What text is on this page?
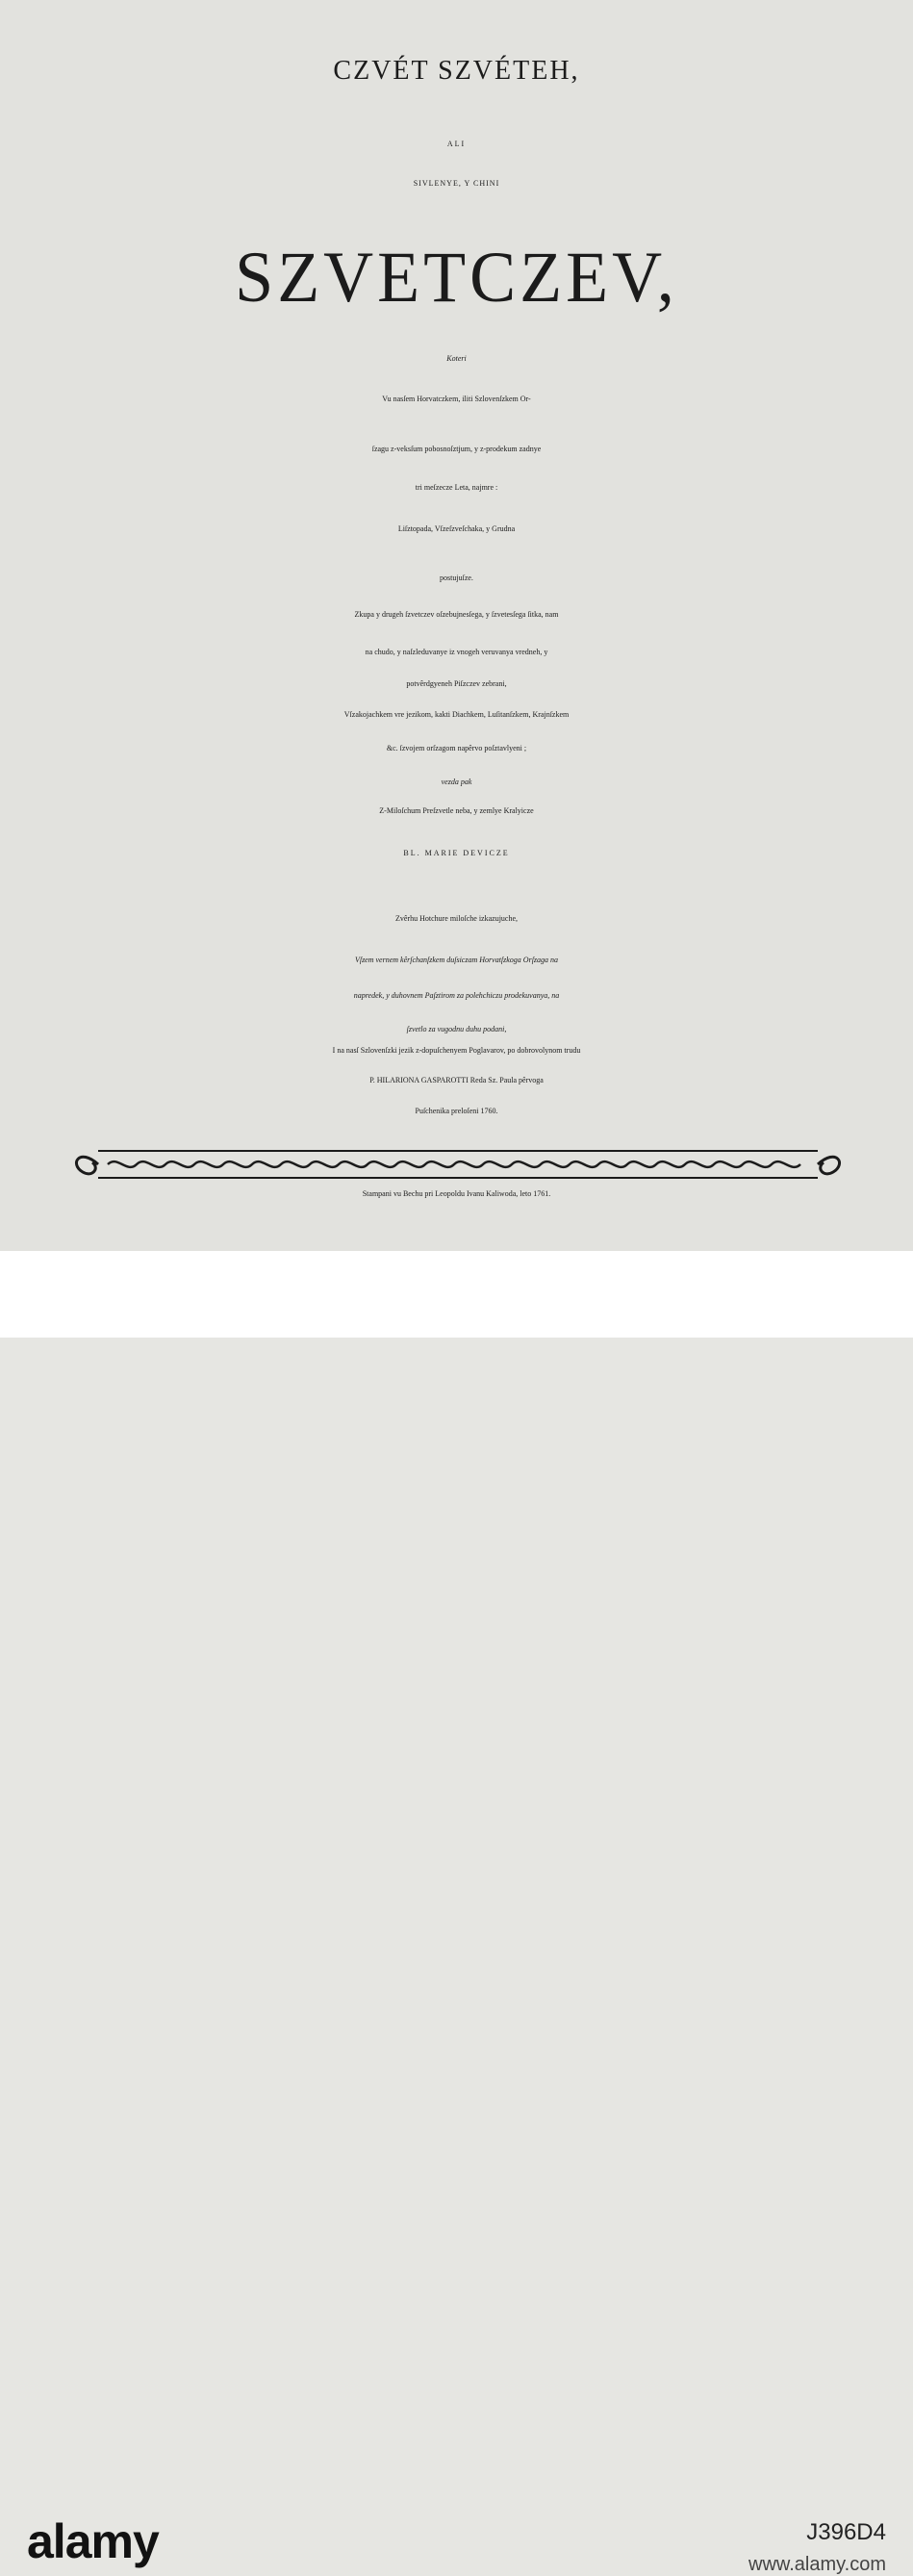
CZVÉT SZVÉTEH,
ALI
SIVLENYE, Y CHINI
SZVETCZEV,
Koteri
Vu nasſem Horvatczkem, iliti Szlovenſzkem Or-
ſzagu z-veksſum pobosnoſztjum, y z-prodekum zadnye
tri meſzecze Leta, najmre :
Liſztopada, Vſzeſzveſchaka, y Grudna
postujuſze.
Zkupa y drugeh ſzvetczev oſzebujnesſega, y ſzvetesſega ſitka, nam
na chudo, y naſzleduvanye iz vnogeh veruvanya vredneh, y
potvêrdgyeneh Piſzczev zebrani,
Vſzakojachkem vre jezikom, kakti Diachkem, Luſitanſzkem, Krajnſzkem
&c. ſzvojem orſzagom napêrvo poſztavlyeni ;
vezda pak
Z-Miloſchum Preſzvetle neba, y zemlye Kralyicze
BL. MARIE DEVICZE
Zvêrhu Hotchure miloſche izkazujuche,
Vſzem vernem kêrſchanſzkem duſsiczam Horvatſzkoga Orſzaga na
napredek, y duhovnem Paſztirom za polehchiczu prodekuvanya, na
ſzvetlo za vugodnu duhu podani,
I na nasſ Szlovenſzki jezik z-dopuſchenyem Poglavarov, po dobrovolynom trudu
P. HILARIONA GASPAROTTI Reda Sz. Paula pêrvoga
Puſchenika preloſeni 1760.
Stampani vu Bechu pri Leopoldu Ivanu Kaliwoda, leto 1761.
alamy	J396D4
www.alamy.com
